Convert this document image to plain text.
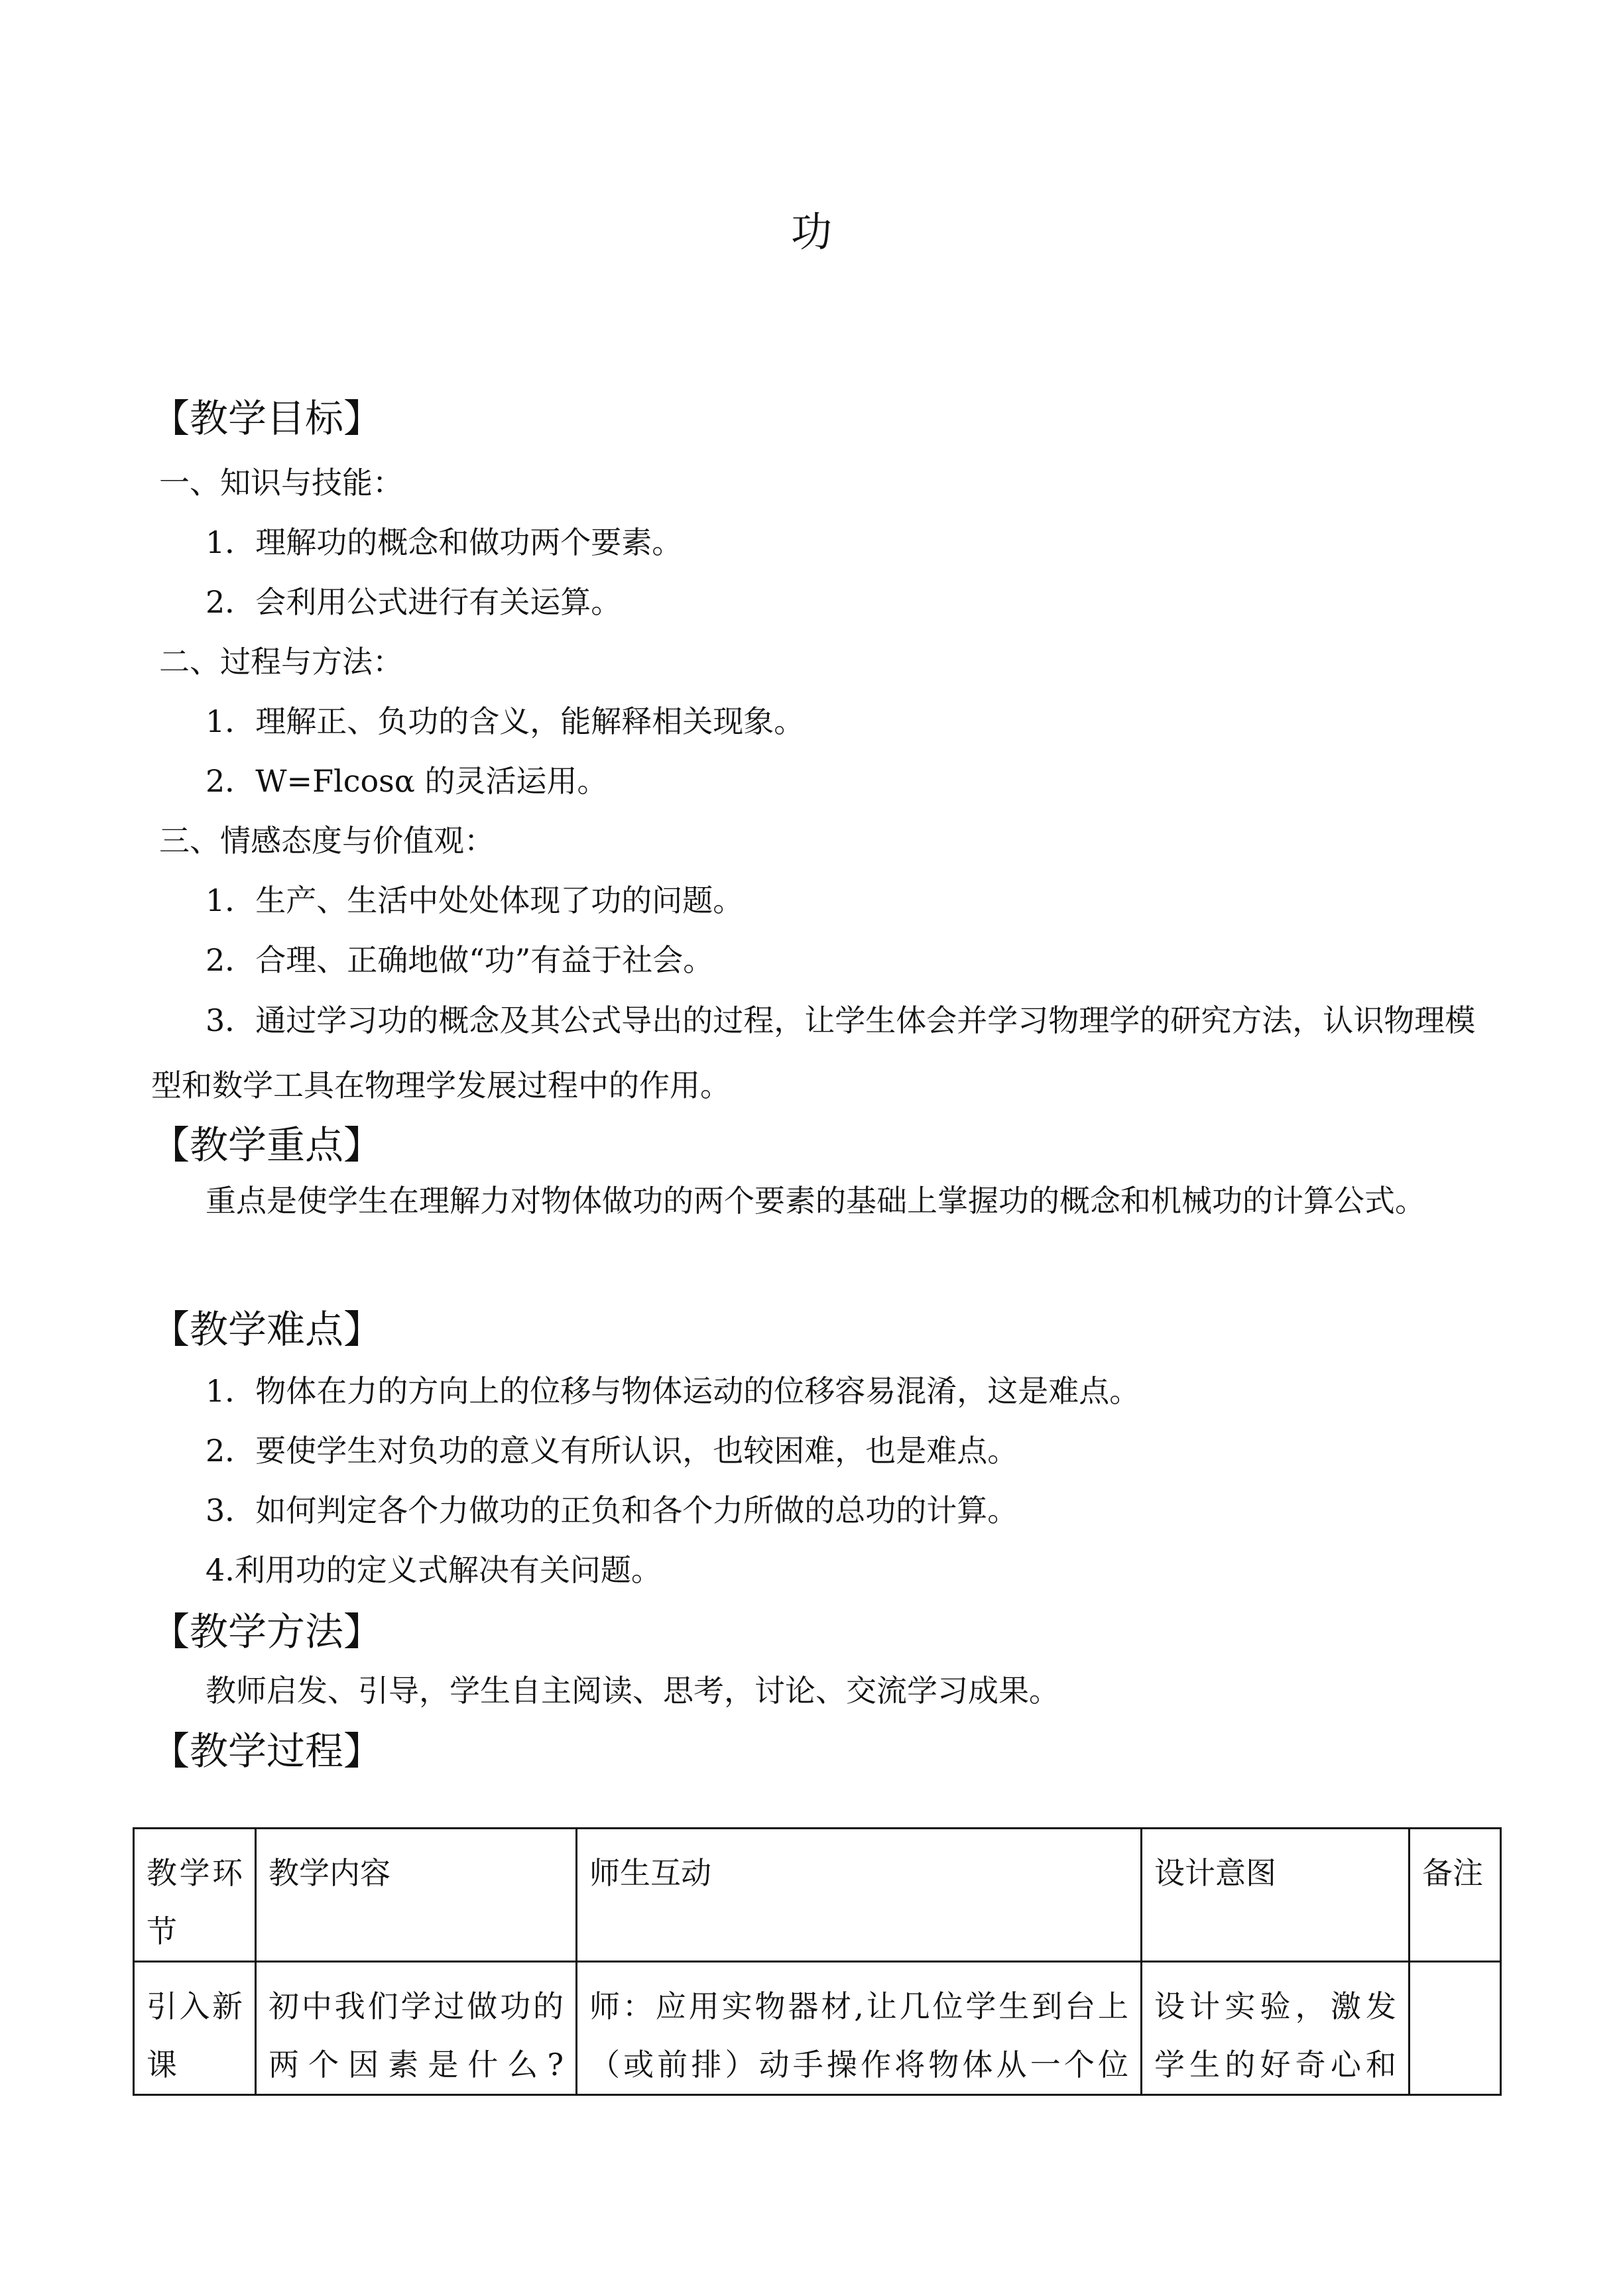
功
【教学目标】
一、知识与技能：
1．理解功的概念和做功两个要素。
2．会利用公式进行有关运算。
二、过程与方法：
1．理解正、负功的含义，能解释相关现象。
2．W=Flcosα 的灵活运用。
三、情感态度与价值观：
1．生产、生活中处处体现了功的问题。
2．合理、正确地做“功”有益于社会。
3．通过学习功的概念及其公式导出的过程，让学生体会并学习物理学的研究方法，认识物理模型和数学工具在物理学发展过程中的作用。
【教学重点】
重点是使学生在理解力对物体做功的两个要素的基础上掌握功的概念和机械功的计算公式。
【教学难点】
1．物体在力的方向上的位移与物体运动的位移容易混淆，这是难点。
2．要使学生对负功的意义有所认识，也较困难，也是难点。
3．如何判定各个力做功的正负和各个力所做的总功的计算。
4.利用功的定义式解决有关问题。
【教学方法】
教师启发、引导，学生自主阅读、思考，讨论、交流学习成果。
【教学过程】
教学环节	教学内容	师生互动	设计意图	备注
引入新课	初中我们学过做功的两个因素是什么?	师：应用实物器材,让几位学生到台上（或前排）动手操作将物体从一个位	设计实验，激发学生的好奇心和	
